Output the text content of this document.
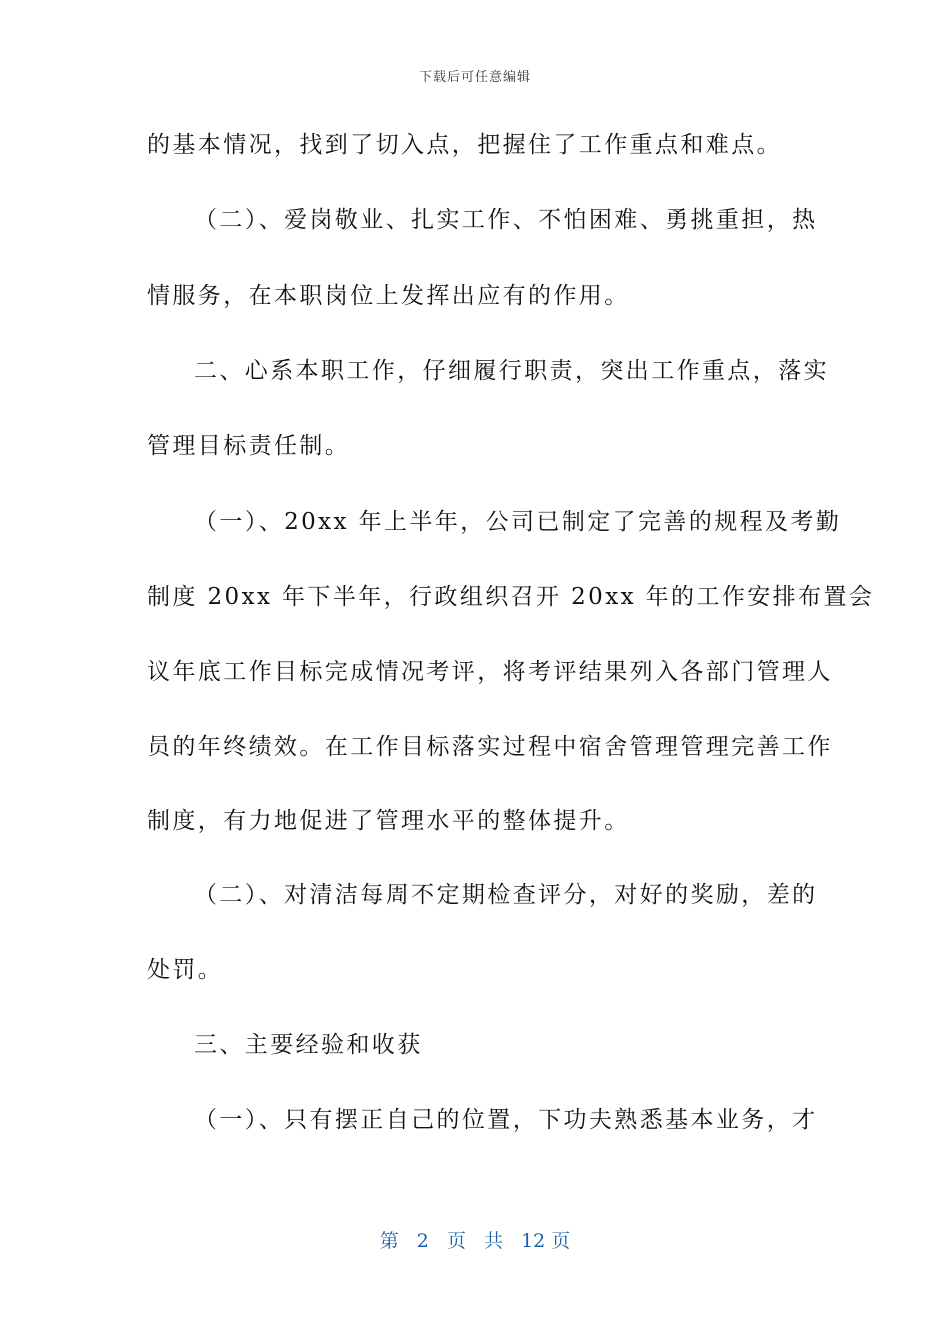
下载后可任意编辑
的基本情况，找到了切入点，把握住了工作重点和难点。
（二）、爱岗敬业、扎实工作、不怕困难、勇挑重担，热
情服务，在本职岗位上发挥出应有的作用。
二、心系本职工作，仔细履行职责，突出工作重点，落实
管理目标责任制。
（一）、20xx 年上半年，公司已制定了完善的规程及考勤
制度 20xx 年下半年，行政组织召开 20xx 年的工作安排布置会
议年底工作目标完成情况考评，将考评结果列入各部门管理人
员的年终绩效。在工作目标落实过程中宿舍管理管理完善工作
制度，有力地促进了管理水平的整体提升。
（二）、对清洁每周不定期检查评分，对好的奖励，差的
处罚。
三、主要经验和收获
（一）、只有摆正自己的位置，下功夫熟悉基本业务，才
第 2 页 共 12 页
